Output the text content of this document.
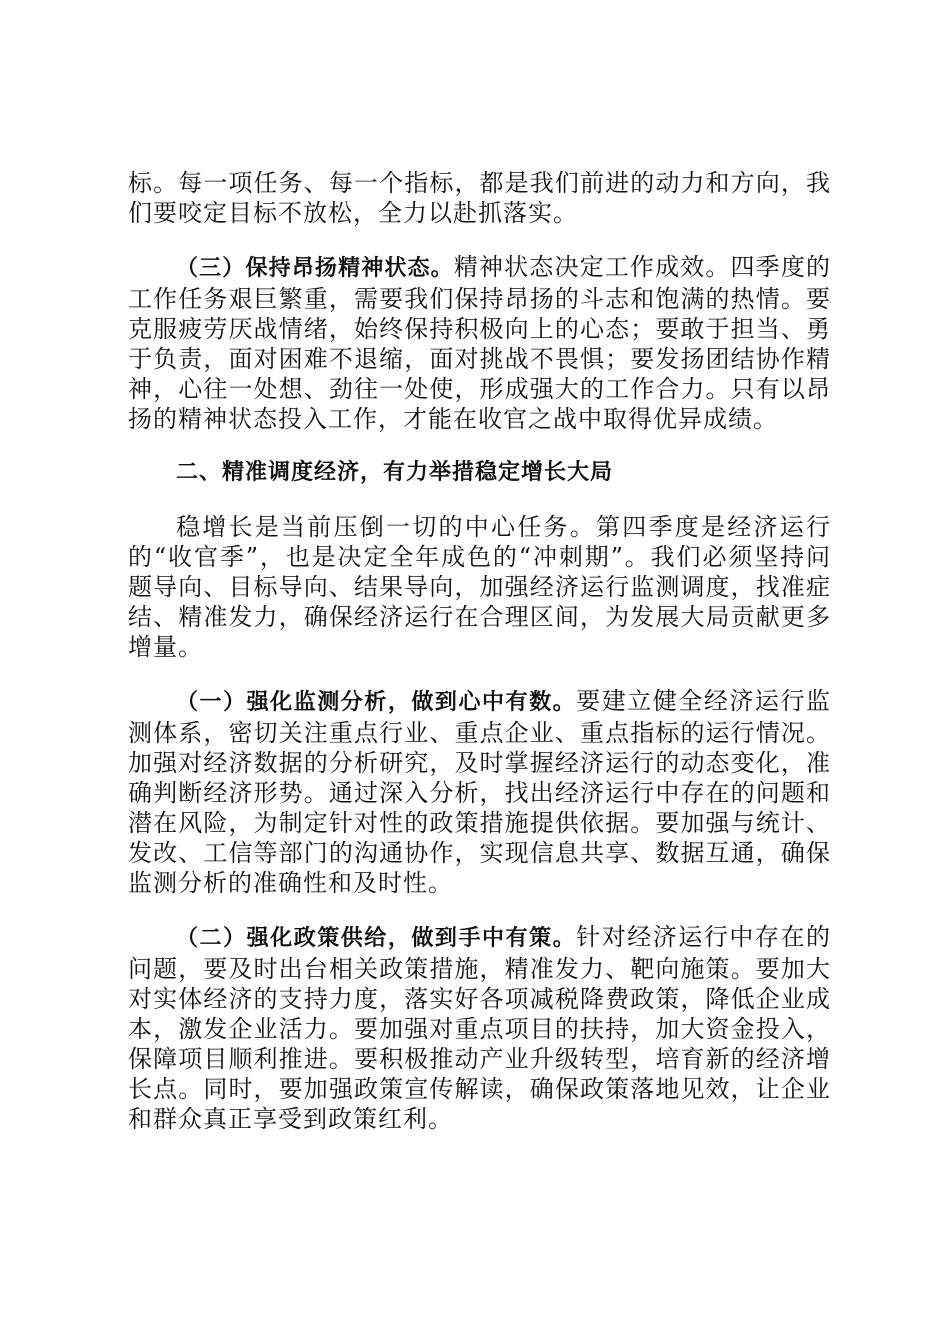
标。每一项任务、每一个指标，都是我们前进的动力和方向，我们要咬定目标不放松，全力以赴抓落实。

（三）保持昂扬精神状态。精神状态决定工作成效。四季度的工作任务艰巨繁重，需要我们保持昂扬的斗志和饱满的热情。要克服疲劳厌战情绪，始终保持积极向上的心态；要敢于担当、勇于负责，面对困难不退缩，面对挑战不畏惧；要发扬团结协作精神，心往一处想、劲往一处使，形成强大的工作合力。只有以昂扬的精神状态投入工作，才能在收官之战中取得优异成绩。

二、精准调度经济，有力举措稳定增长大局

稳增长是当前压倒一切的中心任务。第四季度是经济运行的“收官季”，也是决定全年成色的“冲刺期”。我们必须坚持问题导向、目标导向、结果导向，加强经济运行监测调度，找准症结、精准发力，确保经济运行在合理区间，为发展大局贡献更多增量。

（一）强化监测分析，做到心中有数。要建立健全经济运行监测体系，密切关注重点行业、重点企业、重点指标的运行情况。加强对经济数据的分析研究，及时掌握经济运行的动态变化，准确判断经济形势。通过深入分析，找出经济运行中存在的问题和潜在风险，为制定针对性的政策措施提供依据。要加强与统计、发改、工信等部门的沟通协作，实现信息共享、数据互通，确保监测分析的准确性和及时性。

（二）强化政策供给，做到手中有策。针对经济运行中存在的问题，要及时出台相关政策措施，精准发力、靶向施策。要加大对实体经济的支持力度，落实好各项减税降费政策，降低企业成本，激发企业活力。要加强对重点项目的扶持，加大资金投入，保障项目顺利推进。要积极推动产业升级转型，培育新的经济增长点。同时，要加强政策宣传解读，确保政策落地见效，让企业和群众真正享受到政策红利。
